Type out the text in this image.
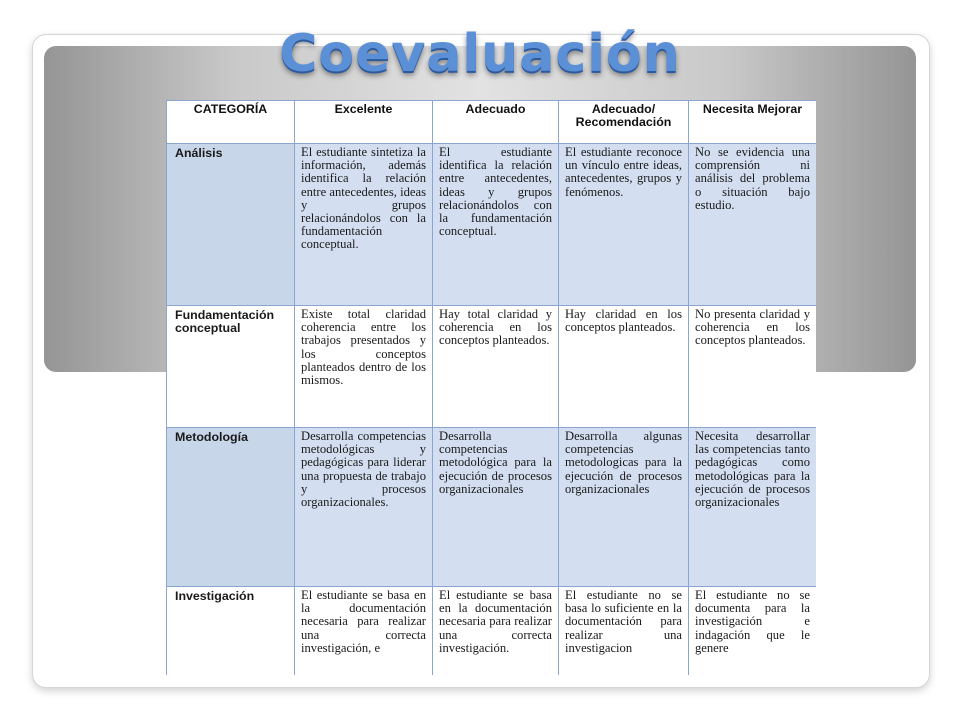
Coevaluación
CATEGORÍA	Excelente	Adecuado	Adecuado/ Recomendación	Necesita Mejorar
Análisis	El estudiante sintetiza la información, además identifica la relación entre antecedentes, ideas y grupos relacionándolos con la fundamentación conceptual.	El estudiante identifica la relación entre antecedentes, ideas y grupos relacionándolos con la fundamentación conceptual.	El estudiante reconoce un vínculo entre ideas, antecedentes, grupos y fenómenos.	No se evidencia una comprensión ni análisis del problema o situación bajo estudio.
Fundamentación conceptual	Existe total claridad coherencia entre los trabajos presentados y los conceptos planteados dentro de los mismos.	Hay total claridad y coherencia en los conceptos planteados.	Hay claridad en los conceptos planteados.	No presenta claridad y coherencia en los conceptos planteados.
Metodología	Desarrolla competencias metodológicas y pedagógicas para liderar una propuesta de trabajo y procesos organizacionales.	Desarrolla competencias metodológica para la ejecución de procesos organizacionales	Desarrolla algunas competencias metodologicas para la ejecución de procesos organizacionales	Necesita desarrollar las competencias tanto pedagógicas como metodológicas para la ejecución de procesos organizacionales
Investigación	El estudiante se basa en la documentación necesaria para realizar una correcta investigación, e	El estudiante se basa en la documentación necesaria para realizar una correcta investigación.	El estudiante no se basa lo suficiente en la documentación para realizar una investigacion	El estudiante no se documenta para la investigación e indagación que le genere
